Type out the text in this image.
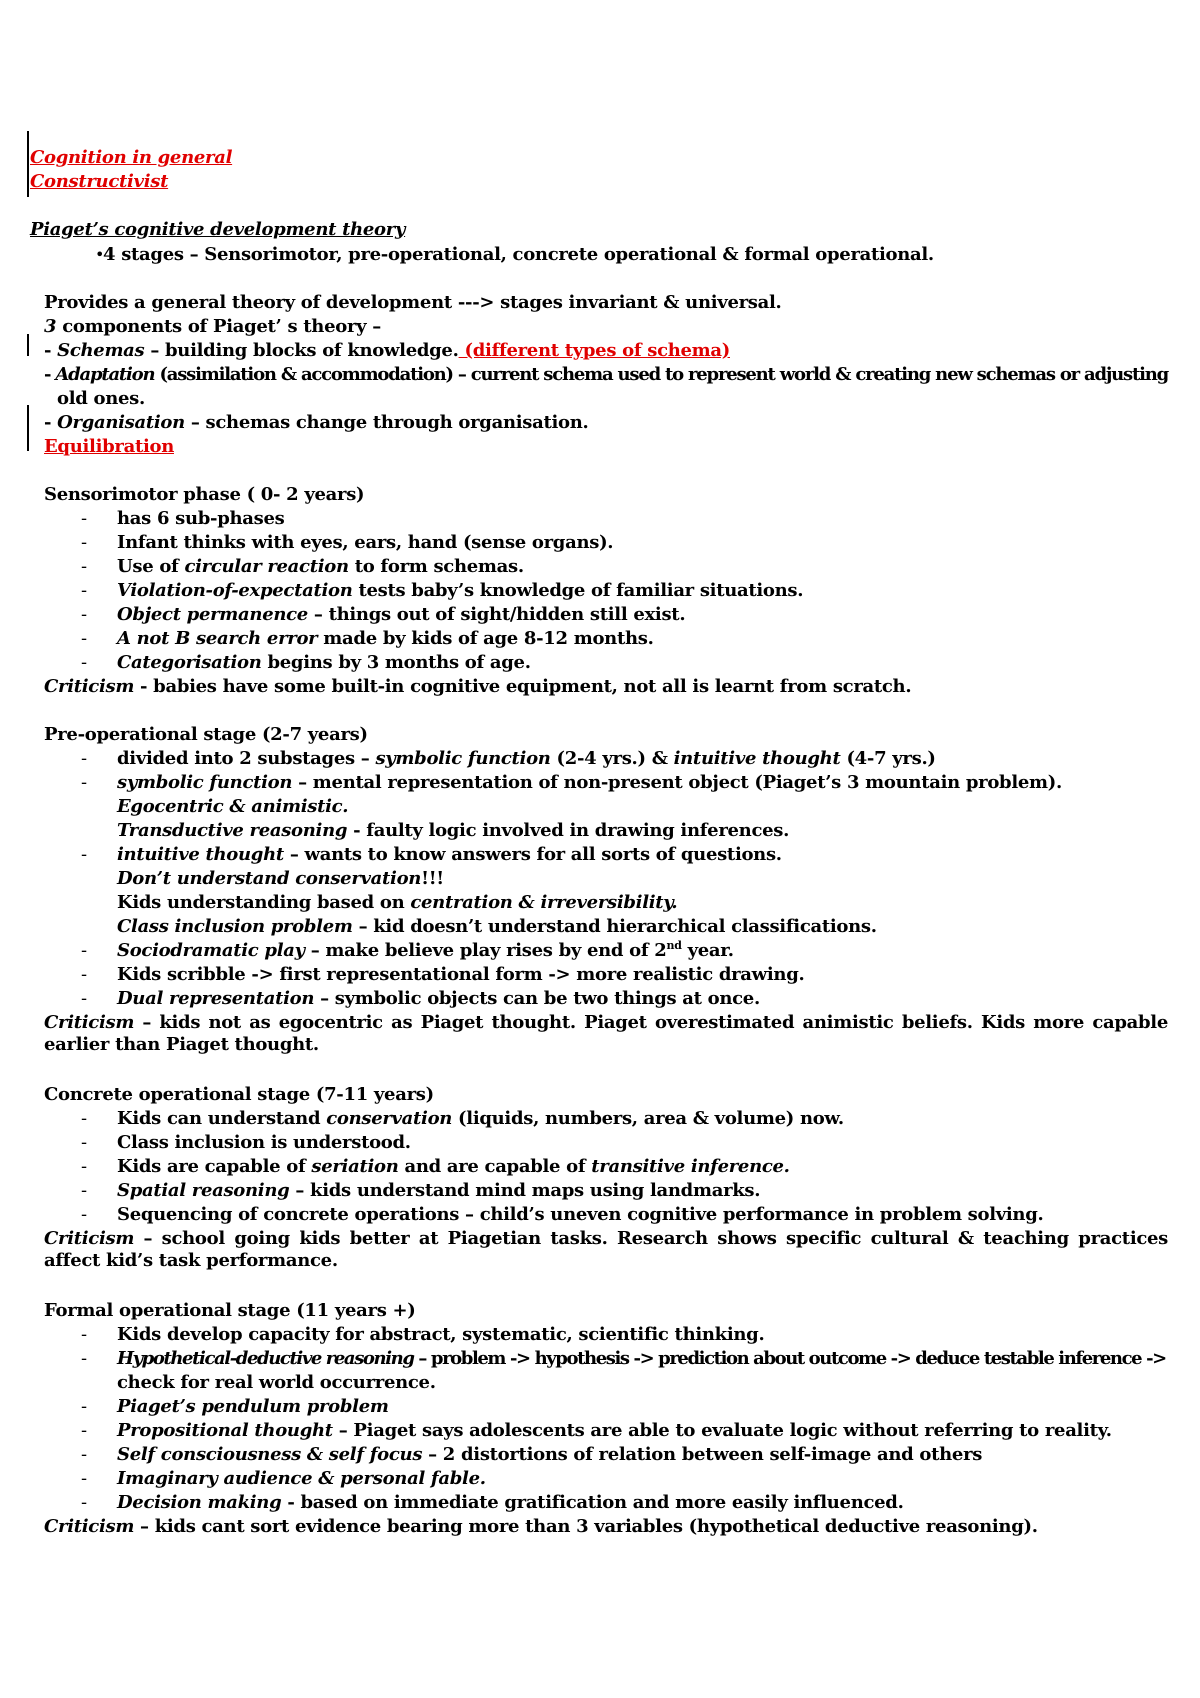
Cognition in general
Constructivist
Piaget’s cognitive development theory
•
4 stages – Sensorimotor, pre-operational, concrete operational & formal operational.
Provides a general theory of development ---> stages invariant & universal.
3 components of Piaget’ s theory –
- Schemas – building blocks of knowledge. (different types of schema)
- Adaptation (assimilation & accommodation) – current schema used to represent world & creating new schemas or adjusting
old ones.
- Organisation – schemas change through organisation.
Equilibration
Sensorimotor phase ( 0- 2 years)
- has 6 sub-phases
- Infant thinks with eyes, ears, hand (sense organs).
- Use of circular reaction to form schemas.
- Violation-of-expectation tests baby’s knowledge of familiar situations.
- Object permanence – things out of sight/hidden still exist.
- A not B search error made by kids of age 8-12 months.
- Categorisation begins by 3 months of age.
Criticism - babies have some built-in cognitive equipment, not all is learnt from scratch.
Pre-operational stage (2-7 years)
- divided into 2 substages – symbolic function (2-4 yrs.) & intuitive thought (4-7 yrs.)
- symbolic function – mental representation of non-present object (Piaget’s 3 mountain problem).
Egocentric & animistic.
Transductive reasoning - faulty logic involved in drawing inferences.
- intuitive thought – wants to know answers for all sorts of questions.
Don’t understand conservation!!!
Kids understanding based on centration & irreversibility.
Class inclusion problem – kid doesn’t understand hierarchical classifications.
- Sociodramatic play – make believe play rises by end of 2nd year.
- Kids scribble -> first representational form -> more realistic drawing.
- Dual representation – symbolic objects can be two things at once.
Criticism – kids not as egocentric as Piaget thought. Piaget overestimated animistic beliefs. Kids more capable earlier than Piaget thought.
Concrete operational stage (7-11 years)
- Kids can understand conservation (liquids, numbers, area & volume) now.
- Class inclusion is understood.
- Kids are capable of seriation and are capable of transitive inference.
- Spatial reasoning – kids understand mind maps using landmarks.
- Sequencing of concrete operations – child’s uneven cognitive performance in problem solving.
Criticism – school going kids better at Piagetian tasks. Research shows specific cultural & teaching practices affect kid’s task performance.
Formal operational stage (11 years +)
- Kids develop capacity for abstract, systematic, scientific thinking.
- Hypothetical-deductive reasoning – problem -> hypothesis -> prediction about outcome -> deduce testable inference ->
check for real world occurrence.
- Piaget’s pendulum problem
- Propositional thought – Piaget says adolescents are able to evaluate logic without referring to reality.
- Self consciousness & self focus – 2 distortions of relation between self-image and others
- Imaginary audience & personal fable.
- Decision making - based on immediate gratification and more easily influenced.
Criticism – kids cant sort evidence bearing more than 3 variables (hypothetical deductive reasoning).
